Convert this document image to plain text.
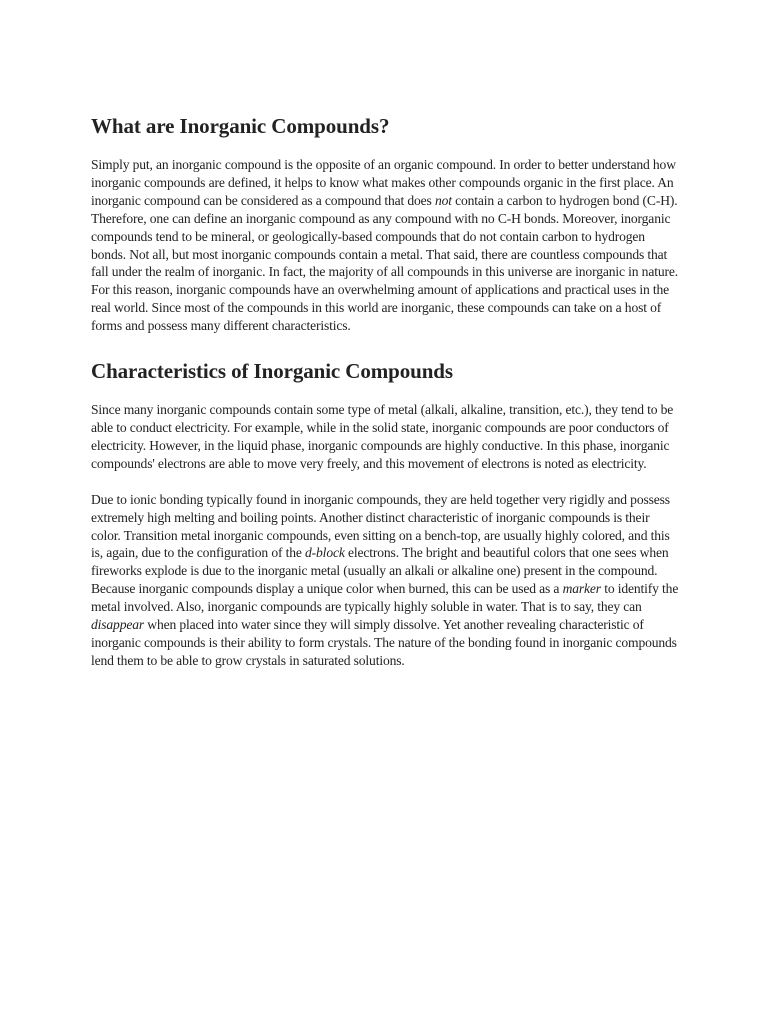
What are Inorganic Compounds?

Simply put, an inorganic compound is the opposite of an organic compound. In order to better understand how inorganic compounds are defined, it helps to know what makes other compounds organic in the first place. An inorganic compound can be considered as a compound that does not contain a carbon to hydrogen bond (C-H). Therefore, one can define an inorganic compound as any compound with no C-H bonds. Moreover, inorganic compounds tend to be mineral, or geologically-based compounds that do not contain carbon to hydrogen bonds. Not all, but most inorganic compounds contain a metal. That said, there are countless compounds that fall under the realm of inorganic. In fact, the majority of all compounds in this universe are inorganic in nature. For this reason, inorganic compounds have an overwhelming amount of applications and practical uses in the real world. Since most of the compounds in this world are inorganic, these compounds can take on a host of forms and possess many different characteristics.

Characteristics of Inorganic Compounds

Since many inorganic compounds contain some type of metal (alkali, alkaline, transition, etc.), they tend to be able to conduct electricity. For example, while in the solid state, inorganic compounds are poor conductors of electricity. However, in the liquid phase, inorganic compounds are highly conductive. In this phase, inorganic compounds' electrons are able to move very freely, and this movement of electrons is noted as electricity.

Due to ionic bonding typically found in inorganic compounds, they are held together very rigidly and possess extremely high melting and boiling points. Another distinct characteristic of inorganic compounds is their color. Transition metal inorganic compounds, even sitting on a bench-top, are usually highly colored, and this is, again, due to the configuration of the d-block electrons. The bright and beautiful colors that one sees when fireworks explode is due to the inorganic metal (usually an alkali or alkaline one) present in the compound. Because inorganic compounds display a unique color when burned, this can be used as a marker to identify the metal involved. Also, inorganic compounds are typically highly soluble in water. That is to say, they can disappear when placed into water since they will simply dissolve. Yet another revealing characteristic of inorganic compounds is their ability to form crystals. The nature of the bonding found in inorganic compounds lend them to be able to grow crystals in saturated solutions.
